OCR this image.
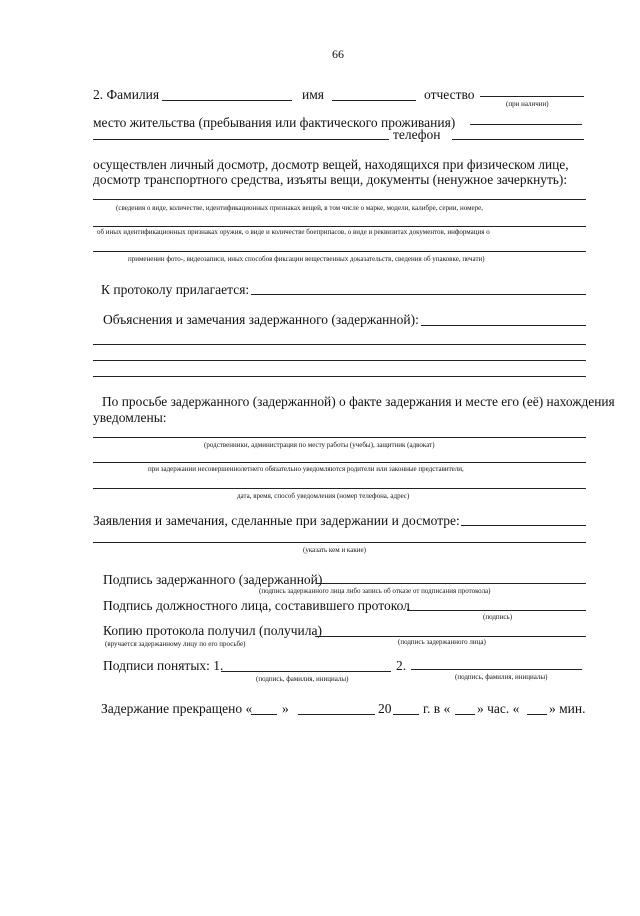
66
2. Фамилия	имя	отчество
(при наличии)
место жительства (пребывания или фактического проживания)
телефон
осуществлен личный досмотр, досмотр вещей, находящихся при физическом лице,
досмотр транспортного средства, изъяты вещи, документы (ненужное зачеркнуть):
(сведения о виде, количестве, идентификационных признаках вещей, в том числе о марке, модели, калибре, серии, номере,
об иных идентификационных признаках оружия, о виде и количестве боеприпасов, о виде и реквизитах документов, информация о
применении фото-, видеозаписи, иных способов фиксации вещественных доказательств, сведения об упаковке, печати)
К протоколу прилагается:
Объяснения и замечания задержанного (задержанной):
По просьбе задержанного (задержанной) о факте задержания и месте его (её) нахождения
уведомлены:
(родственники, администрация по месту работы (учебы), защитник (адвокат)
при задержании несовершеннолетнего обязательно уведомляются родители или законные представители,
дата, время, способ уведомления (номер телефона, адрес)
Заявления и замечания, сделанные при задержании и досмотре:
(указать кем и какие)
Подпись задержанного (задержанной)
(подпись задержанного лица либо запись об отказе от подписания протокола)
Подпись должностного лица, составившего протокол
(подпись)
Копию протокола получил (получила)
(вручается задержанному лицу по его просьбе)	(подпись задержанного лица)
Подписи понятых: 1.
(подпись, фамилия, инициалы)
2.
(подпись, фамилия, инициалы)
Задержание прекращено « »	20 г. в « » час. « » мин.
